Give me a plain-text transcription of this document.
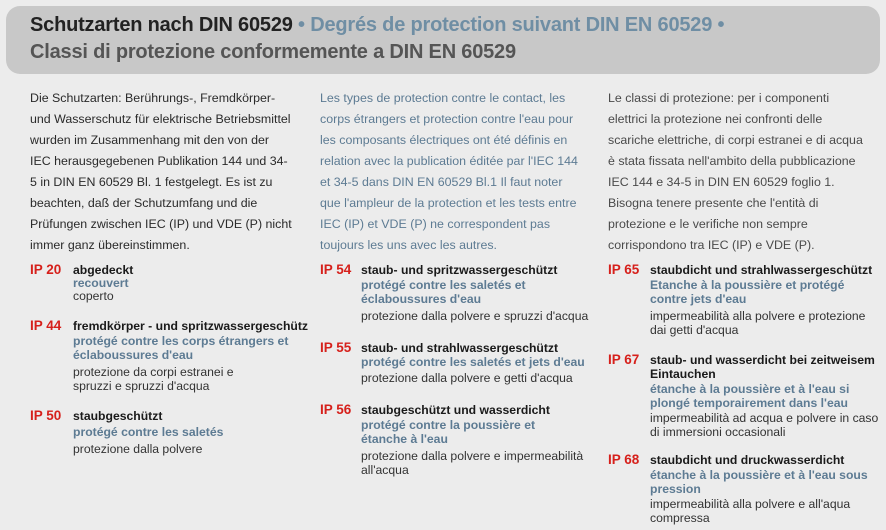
Schutzarten nach DIN 60529 • Degrés de protection suivant DIN EN 60529 •
Classi di protezione conformemente a DIN EN 60529
Die Schutzarten: Berührungs-, Fremdkörper- und Wasserschutz für elektrische Betriebsmittel wurden im Zusammenhang mit den von der IEC herausgegebenen Publikation 144 und 34-5 in DIN EN 60529 Bl. 1 festgelegt. Es ist zu beachten, daß der Schutzumfang und die Prüfungen zwischen IEC (IP) und VDE (P) nicht immer ganz übereinstimmen.
Les types de protection contre le contact, les corps étrangers et protection contre l'eau pour les composants électriques ont été définis en relation avec la publication éditée par l'IEC 144 et 34-5 dans DIN EN 60529 Bl.1 Il faut noter que l'ampleur de la protection et les tests entre IEC (IP) et VDE (P) ne correspondent pas toujours les uns avec les autres.
Le classi di protezione: per i componenti elettrici la protezione nei confronti delle scariche elettriche, di corpi estranei e di acqua è stata fissata nell'ambito della pubblicazione IEC 144 e 34-5 in DIN EN 60529 foglio 1. Bisogna tenere presente che l'entità di protezione e le verifiche non sempre corrispondono tra IEC (IP) e VDE (P).
IP 20 abgedeckt
recouvert
coperto
IP 44 fremdkörper - und spritzwassergeschütz
protégé contre les corps étrangers et éclaboussures d'eau
protezione da corpi estranei e spruzzi e spruzzi d'acqua
IP 50 staubgeschützt
protégé contre les saletés
protezione dalla polvere
IP 54 staub- und spritzwassergeschützt
protégé contre les saletés et éclaboussures d'eau
protezione dalla polvere e spruzzi d'acqua
IP 55 staub- und strahlwassergeschützt
protégé contre les saletés et jets d'eau
protezione dalla polvere e getti d'acqua
IP 56 staubgeschützt und wasserdicht
protégé contre la poussière et étanche à l'eau
protezione dalla polvere e impermeabilità all'acqua
IP 65 staubdicht und strahlwassergeschützt
Etanche à la poussière et protégé contre jets d'eau
impermeabilità alla polvere e protezione dai getti d'acqua
IP 67 staub- und wasserdicht bei zeitweisem Eintauchen
étanche à la poussière et à l'eau si plongé temporairement dans l'eau
impermeabilità ad acqua e polvere in caso di immersioni occasionali
IP 68 staubdicht und druckwasserdicht
étanche à la poussière et à l'eau sous pression
impermeabilità alla polvere e all'aqua compressa
